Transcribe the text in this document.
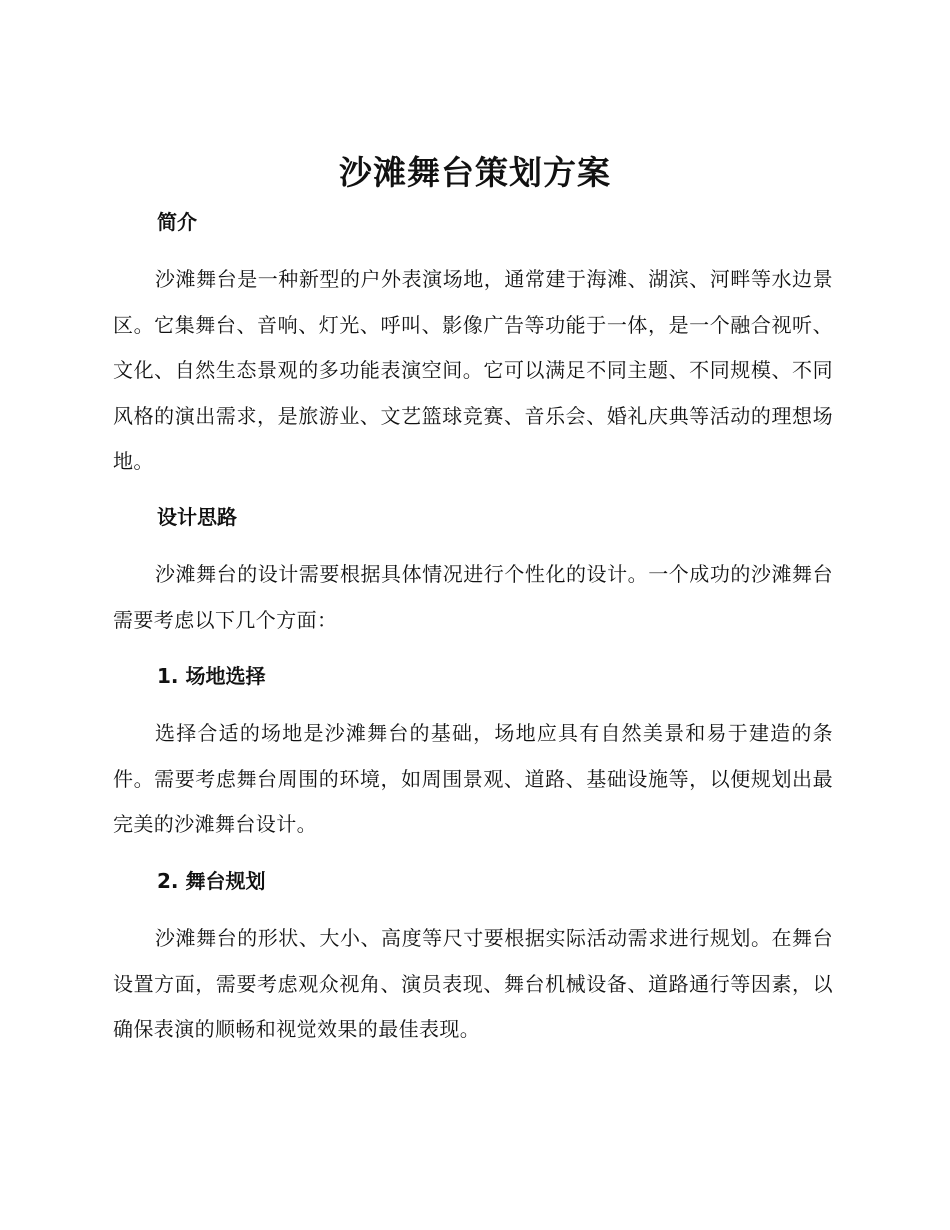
沙滩舞台策划方案
简介

沙滩舞台是一种新型的户外表演场地，通常建于海滩、湖滨、河畔等水边景区。它集舞台、音响、灯光、呼叫、影像广告等功能于一体，是一个融合视听、文化、自然生态景观的多功能表演空间。它可以满足不同主题、不同规模、不同风格的演出需求，是旅游业、文艺篮球竞赛、音乐会、婚礼庆典等活动的理想场地。

设计思路

沙滩舞台的设计需要根据具体情况进行个性化的设计。一个成功的沙滩舞台需要考虑以下几个方面：

1. 场地选择

选择合适的场地是沙滩舞台的基础，场地应具有自然美景和易于建造的条件。需要考虑舞台周围的环境，如周围景观、道路、基础设施等，以便规划出最完美的沙滩舞台设计。

2. 舞台规划

沙滩舞台的形状、大小、高度等尺寸要根据实际活动需求进行规划。在舞台设置方面，需要考虑观众视角、演员表现、舞台机械设备、道路通行等因素，以确保表演的顺畅和视觉效果的最佳表现。
